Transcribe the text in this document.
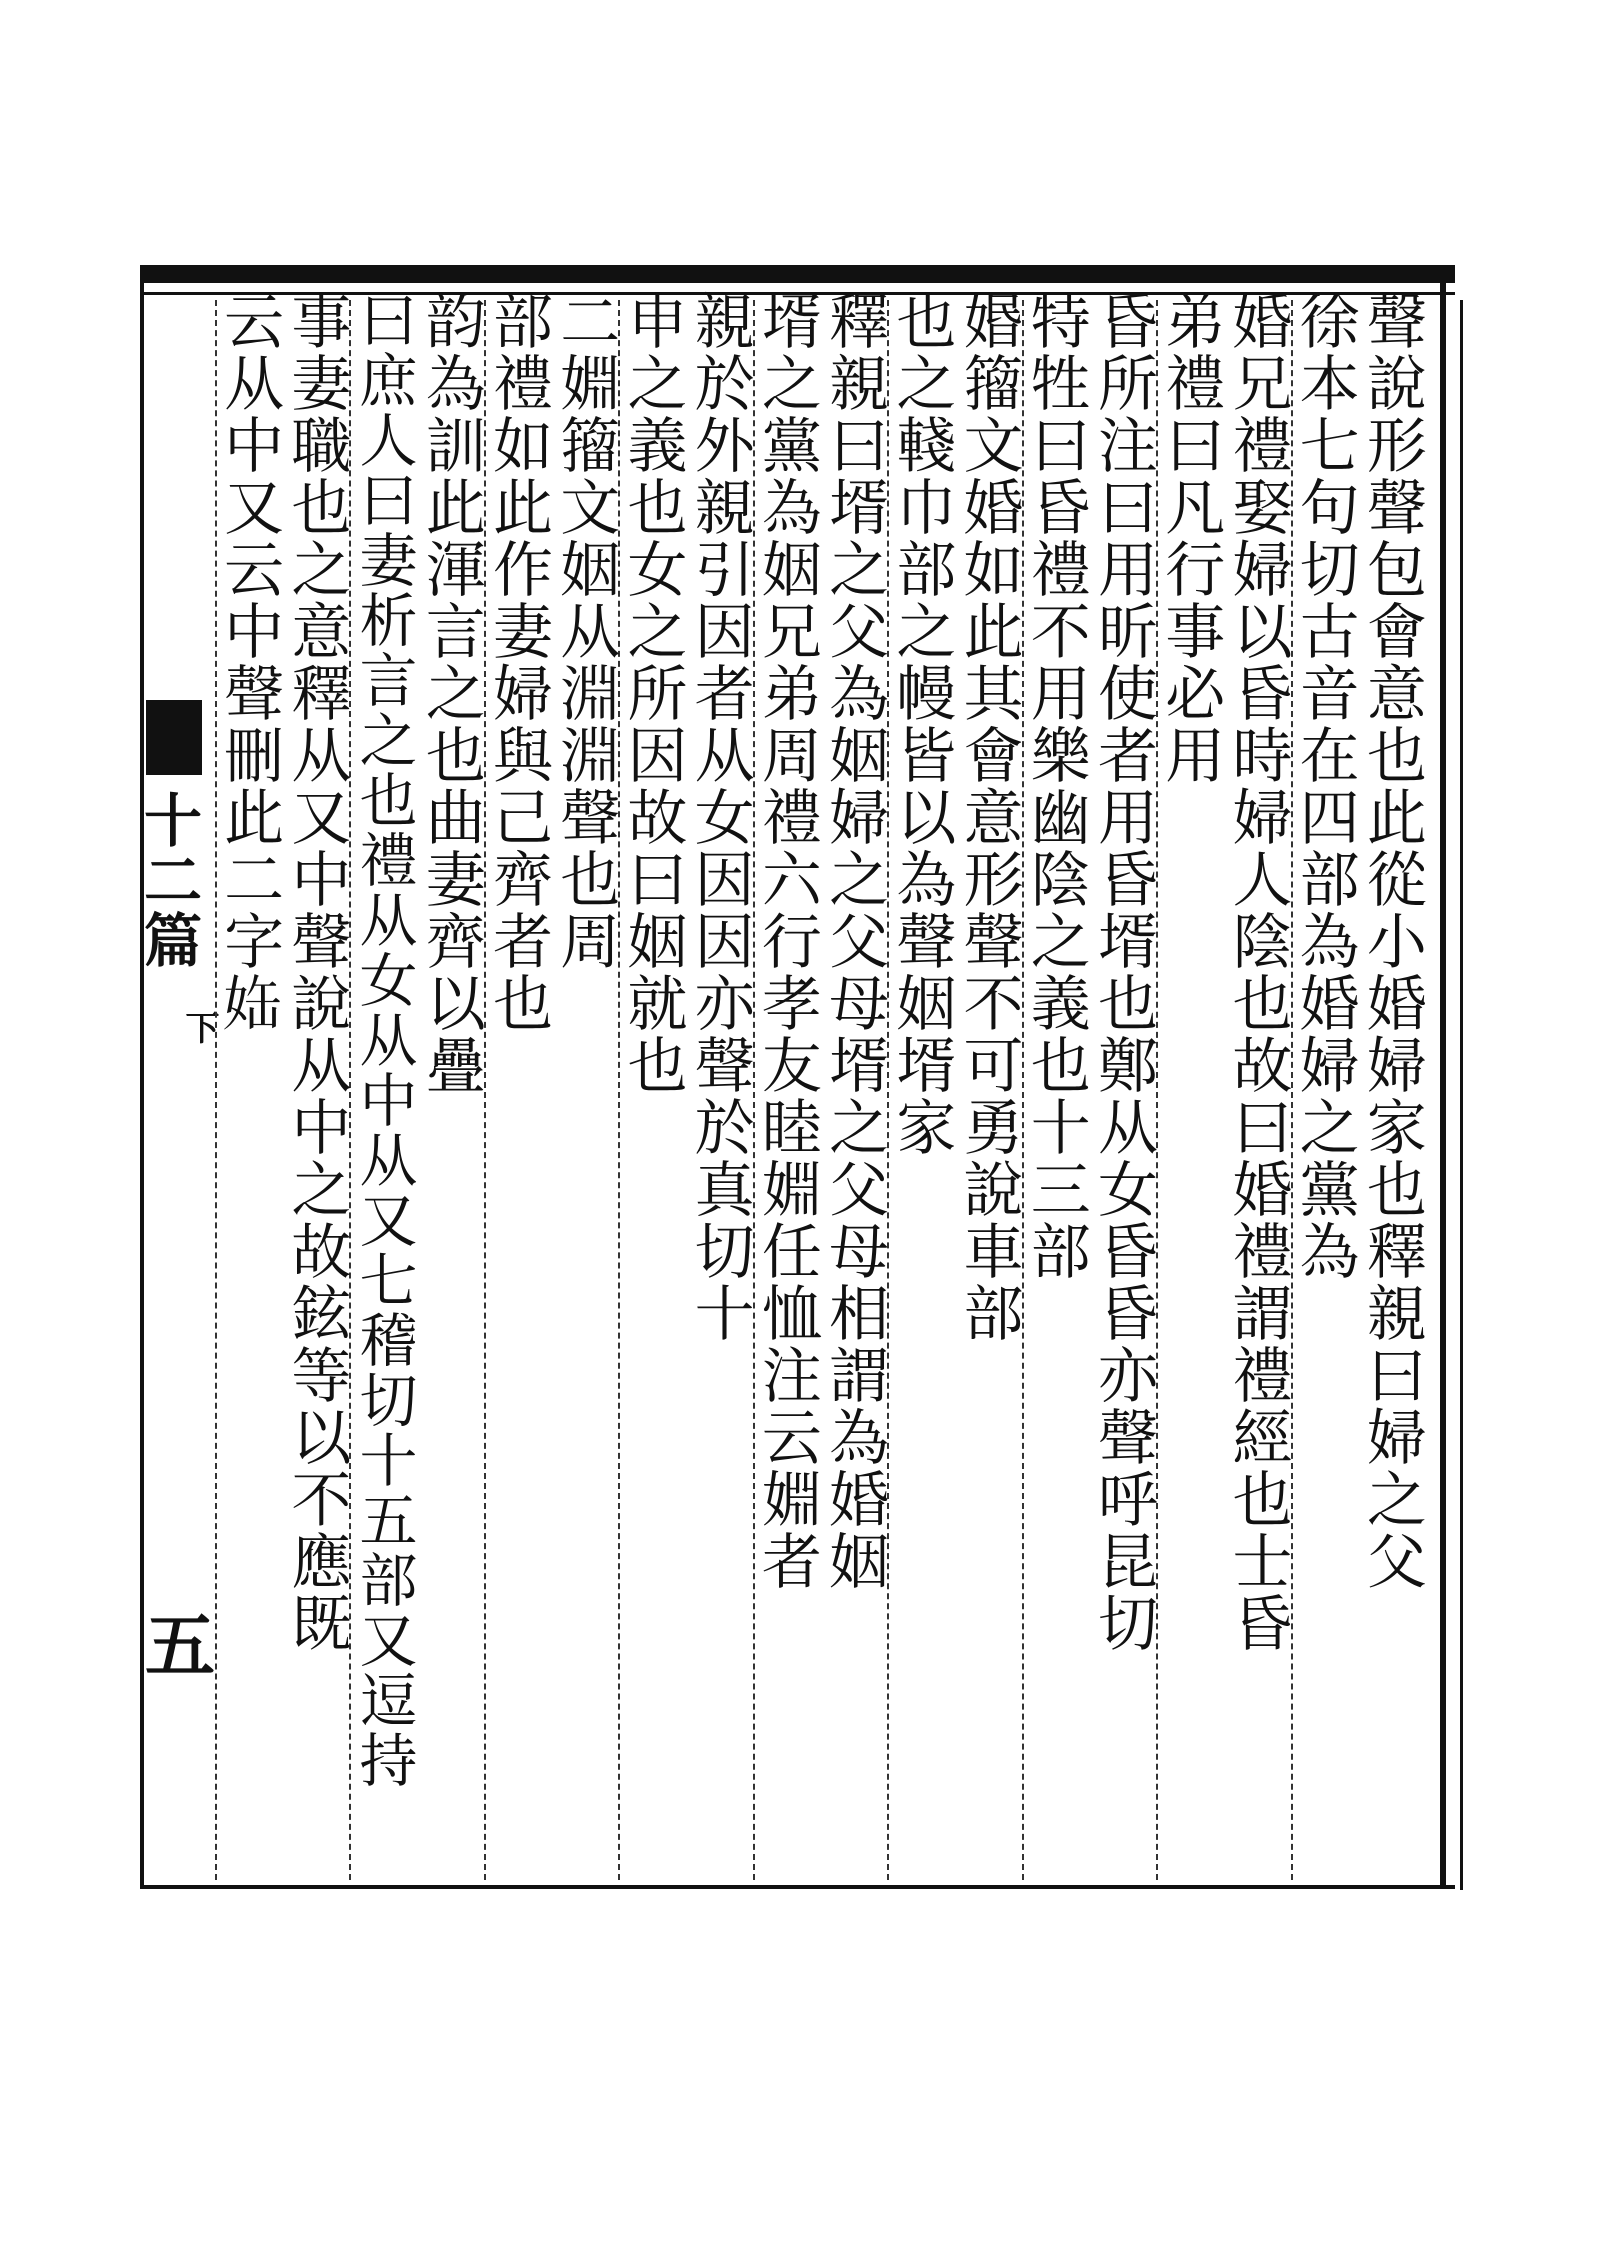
十二篇
下
五
聲說形聲包會意也此從小
婚婦家也釋親曰婦之父
徐本七句切古音在四部
為婚婦之黨為
婚兄禮娶婦以昏時婦人陰也故曰婚
禮謂禮經也士昏
弟
禮曰凡行事必用
昏所注曰用昕使者用昏壻也鄭
从女昏昏亦聲呼昆切
特牲曰昏禮不用樂幽陰之義也
十三部
㛰籀文婚如此
其會意形聲不可勇說車部
也
之輚巾部之幔皆以為聲姻壻家
釋親曰壻之父為姻婦之父
母壻之父母相謂為婚姻
壻之黨為姻兄弟周禮六行孝友睦婣任恤注云婣者
親於外親引
因者从女因因亦聲於真切十
申之義也
女之所因故曰姻就也
二婣籀文姻从淵
淵聲也周
部
禮如此作妻婦與己齊者也
韵為訓此渾言之也曲
妻齊以疊
曰庶人曰妻析言之也
禮从女从中从又七稽切十五部又逗持
事妻職也之意
釋从又中聲說从中之故鉉等以不應既
云从中又云中聲刪此二字𡜊
